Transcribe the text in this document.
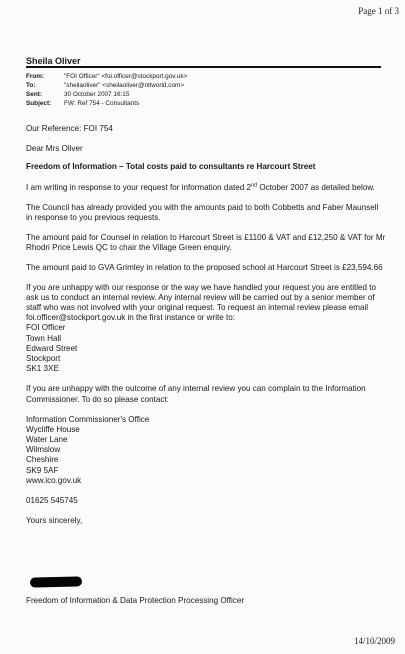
Page 1 of 3
Sheila Oliver
From:	"FOI Officer" <foi.officer@stockport.gov.uk>
To:	"sheilaoliver" <sheilaoliver@ntlworld.com>
Sent:	30 October 2007 16:15
Subject:	FW: Ref 754 - Consultants
ˈ

Our Reference: FOI 754

Dear Mrs Oliver

Freedom of Information – Total costs paid to consultants re Harcourt Street

I am writing in response to your request for information dated 2nd October 2007 as detailed below.

The Council has already provided you with the amounts paid to both Cobbetts and Faber Maunsell in response to you previous requests.

The amount paid for Counsel in relation to Harcourt Street is £1100 & VAT and £12,250 & VAT for Mr Rhodri Price Lewis QC to chair the Village Green enquiry.

The amount paid to GVA Grimley in relation to the proposed school at Harcourt Street is £23,594.66

If you are unhappy with our response or the way we have handled your request you are entitled to ask us to conduct an internal review. Any internal review will be carried out by a senior member of staff who was not involved with your original request. To request an internal review please email foi.officer@stockport.gov.uk in the first instance or write to:

FOI Officer
Town Hall
Edward Street
Stockport
SK1 3XE

If you are unhappy with the outcome of any internal review you can complain to the Information Commissioner. To do so please contact:

Information Commissioner's Office
Wycliffe House
Water Lane
Wilmslow
Cheshire
SK9 5AF
www.ico.gov.uk

01625 545745

Yours sincerely,

Freedom of Information & Data Protection Processing Officer
14/10/2009
